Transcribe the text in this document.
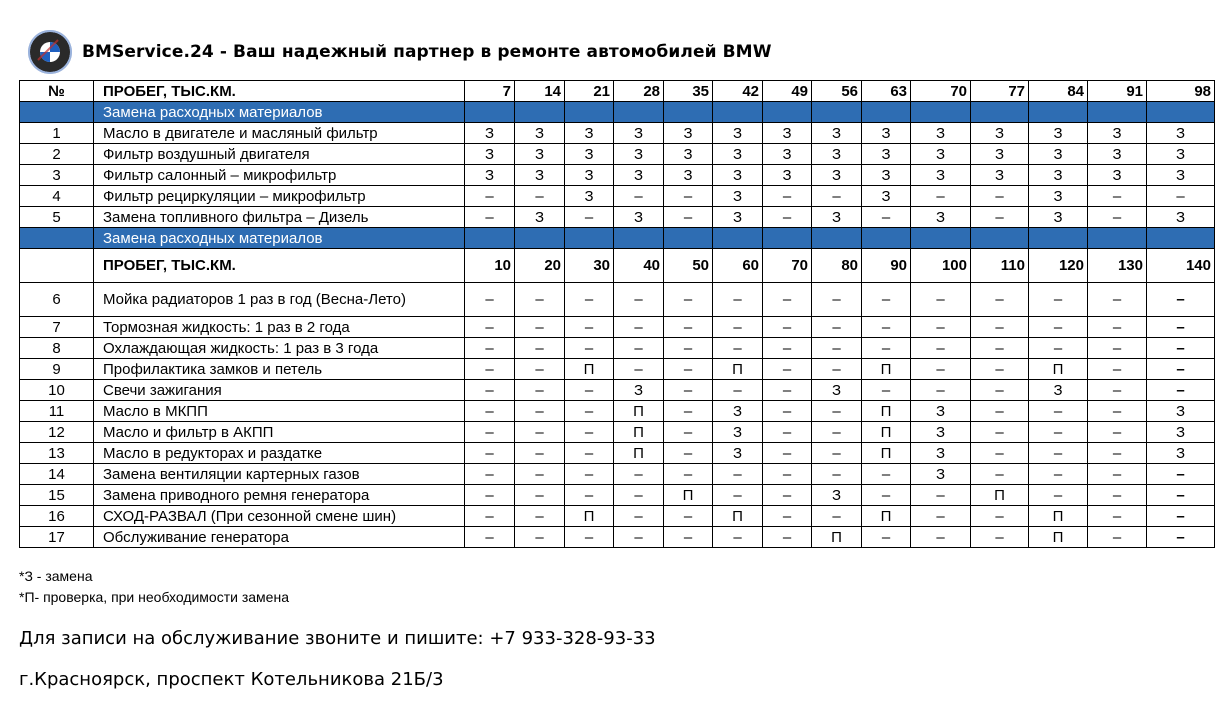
BMService.24 - Ваш надежный партнер в ремонте автомобилей BMW
№	ПРОБЕГ, ТЫС.КМ.	7	14	21	28	35	42	49	56	63	70	77	84	91	98
	Замена расходных материалов														
1	Масло в двигателе и масляный фильтр	З	З	З	З	З	З	З	З	З	З	З	З	З	З
2	Фильтр воздушный двигателя	З	З	З	З	З	З	З	З	З	З	З	З	З	З
3	Фильтр салонный – микрофильтр	З	З	З	З	З	З	З	З	З	З	З	З	З	З
4	Фильтр рециркуляции – микрофильтр	–	–	З	–	–	З	–	–	З	–	–	З	–	–
5	Замена топливного фильтра – Дизель	–	З	–	З	–	З	–	З	–	З	–	З	–	З
	Замена расходных материалов														
	ПРОБЕГ, ТЫС.КМ.	10	20	30	40	50	60	70	80	90	100	110	120	130	140
6	Мойка радиаторов 1 раз в год (Весна-Лето)	–	–	–	–	–	–	–	–	–	–	–	–	–	–
7	Тормозная жидкость: 1 раз в 2 года	–	–	–	–	–	–	–	–	–	–	–	–	–	–
8	Охлаждающая жидкость: 1 раз в 3 года	–	–	–	–	–	–	–	–	–	–	–	–	–	–
9	Профилактика замков и петель	–	–	П	–	–	П	–	–	П	–	–	П	–	–
10	Свечи зажигания	–	–	–	З	–	–	–	З	–	–	–	З	–	–
11	Масло в МКПП	–	–	–	П	–	З	–	–	П	З	–	–	–	З
12	Масло и фильтр в АКПП	–	–	–	П	–	З	–	–	П	З	–	–	–	З
13	Масло в редукторах и раздатке	–	–	–	П	–	З	–	–	П	З	–	–	–	З
14	Замена вентиляции картерных газов	–	–	–	–	–	–	–	–	–	З	–	–	–	–
15	Замена приводного ремня генератора	–	–	–	–	П	–	–	З	–	–	П	–	–	–
16	СХОД-РАЗВАЛ (При сезонной смене шин)	–	–	П	–	–	П	–	–	П	–	–	П	–	–
17	Обслуживание генератора	–	–	–	–	–	–	–	П	–	–	–	П	–	–
*З - замена
*П- проверка, при необходимости замена
Для записи на обслуживание звоните и пишите: +7 933-328-93-33
г.Красноярск, проспект Котельникова 21Б/3
